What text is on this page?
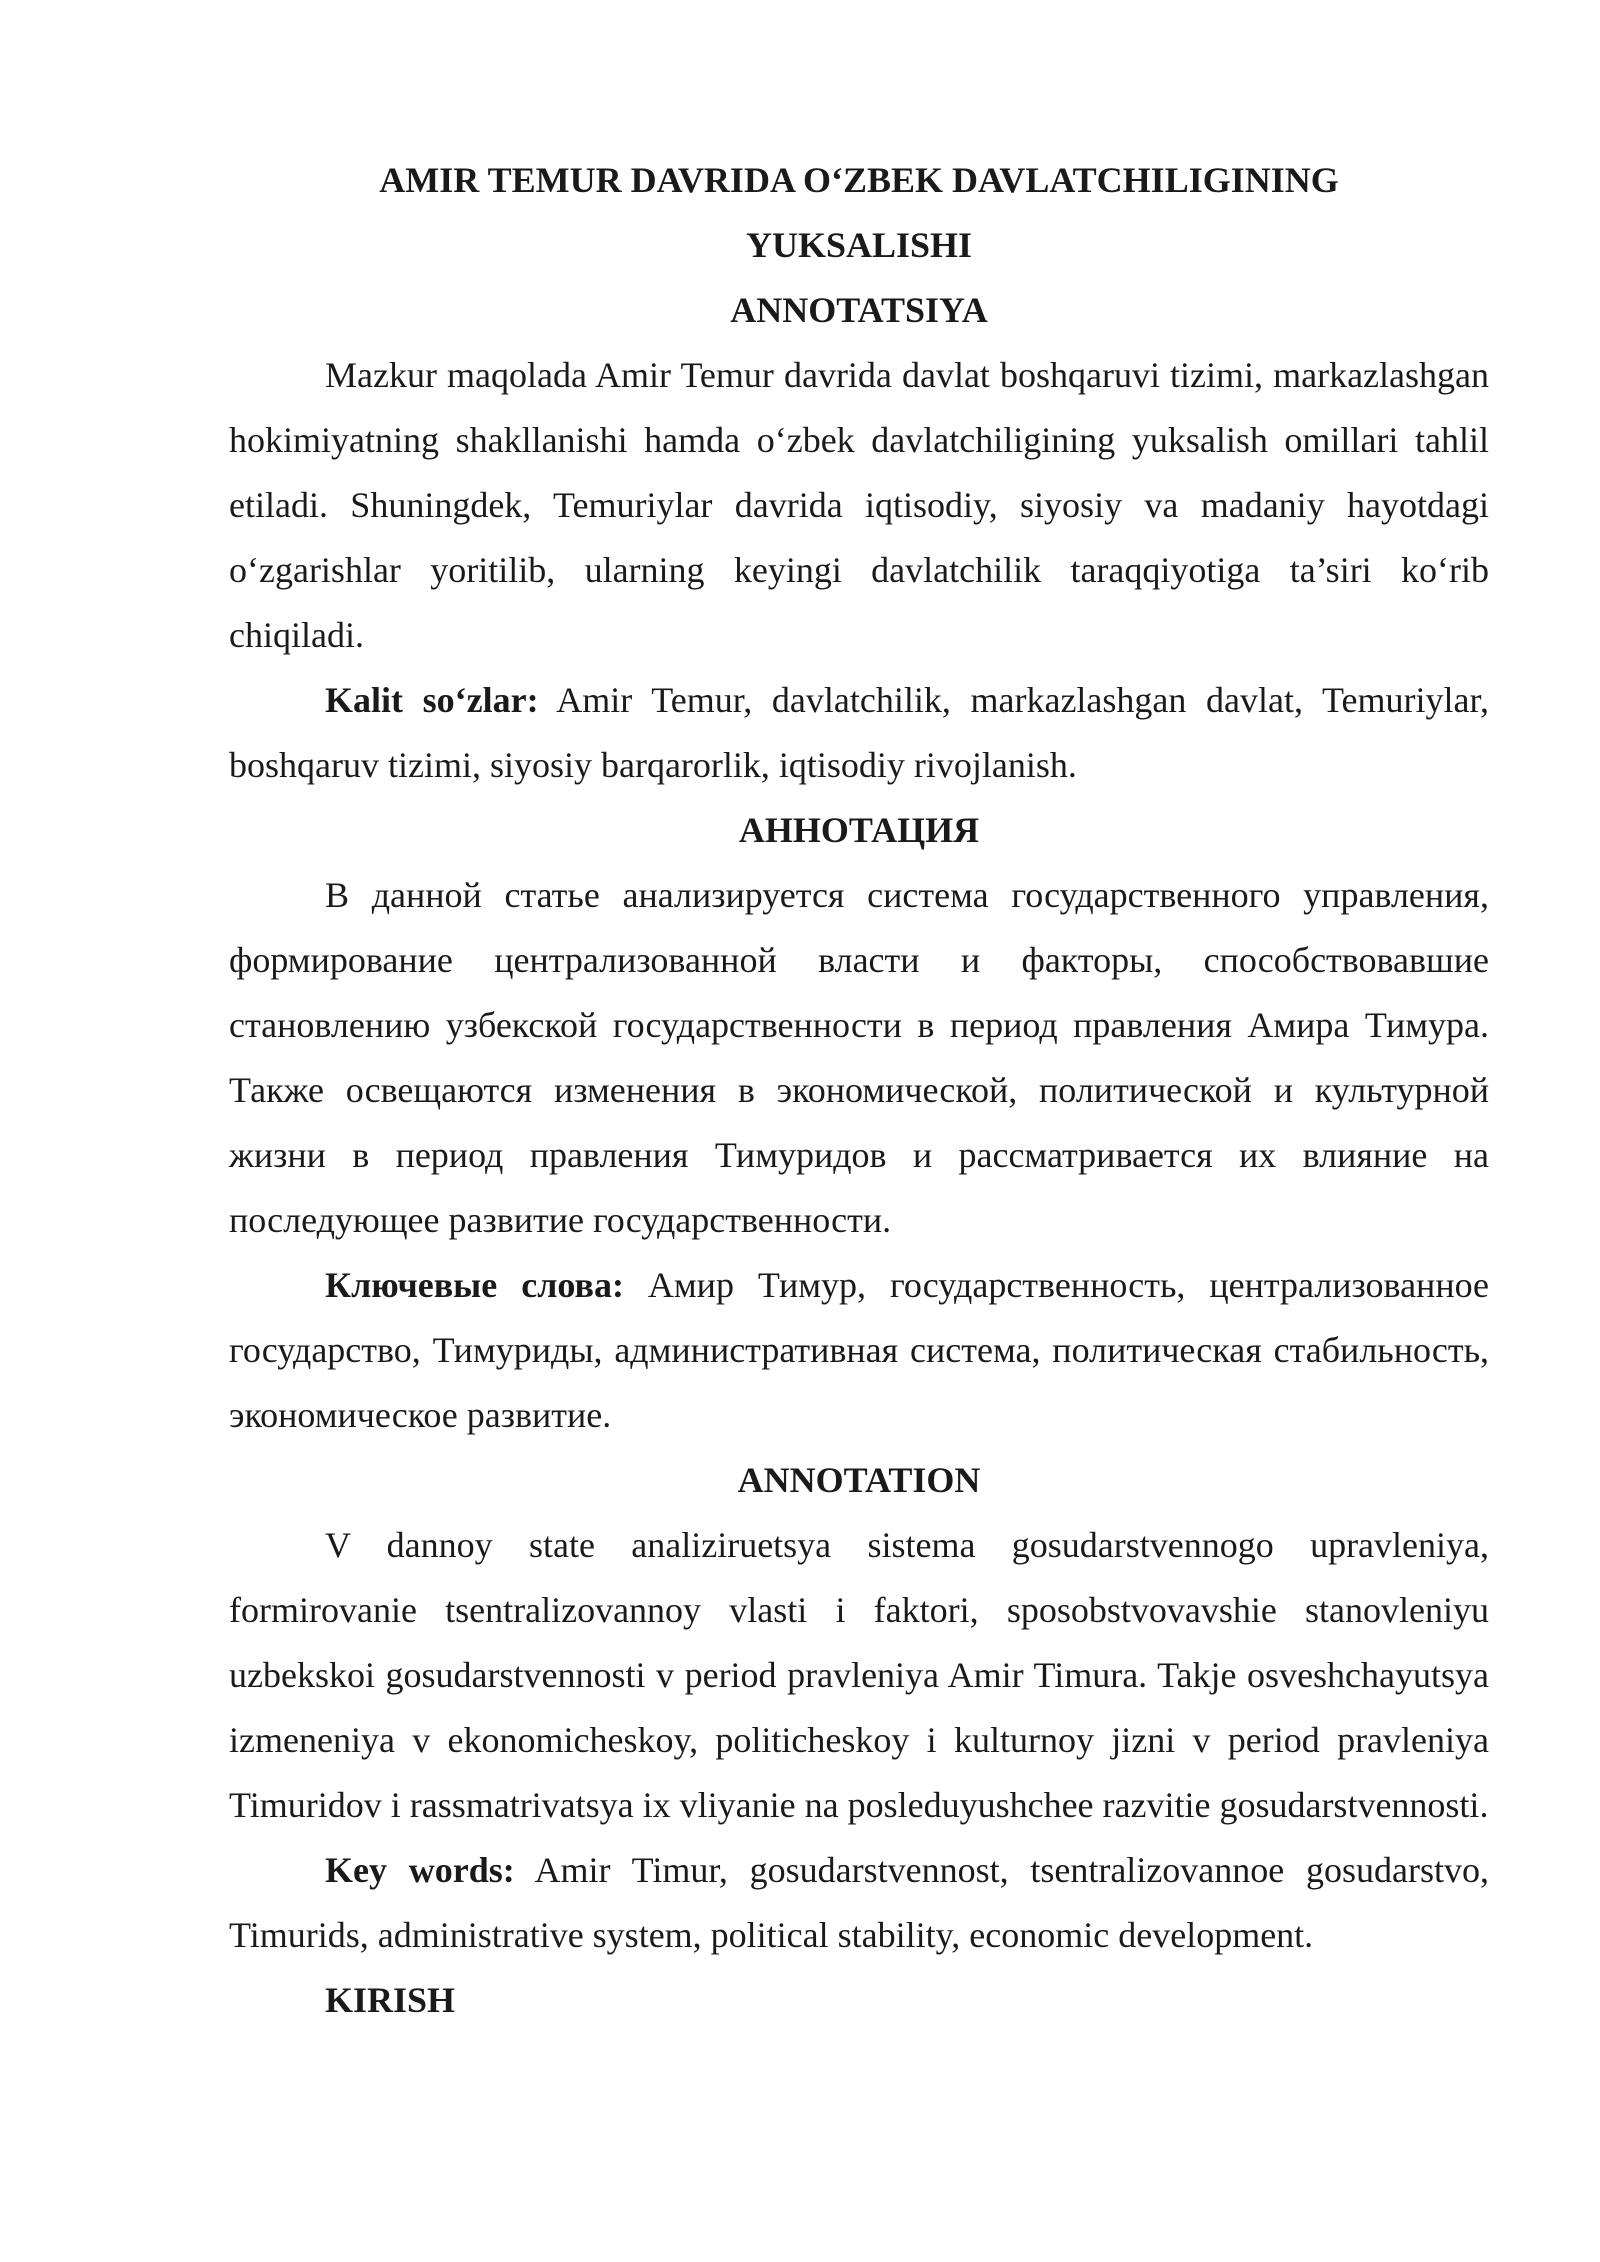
AMIR TEMUR DAVRIDA O‘ZBEK DAVLATCHILIGINING

YUKSALISHI

ANNOTATSIYA

Mazkur maqolada Amir Temur davrida davlat boshqaruvi tizimi, markazlashgan hokimiyatning shakllanishi hamda o‘zbek davlatchiligining yuksalish omillari tahlil etiladi. Shuningdek, Temuriylar davrida iqtisodiy, siyosiy va madaniy hayotdagi o‘zgarishlar yoritilib, ularning keyingi davlatchilik taraqqiyotiga ta’siri ko‘rib chiqiladi.

Kalit so‘zlar: Amir Temur, davlatchilik, markazlashgan davlat, Temuriylar, boshqaruv tizimi, siyosiy barqarorlik, iqtisodiy rivojlanish.

АННОТАЦИЯ

В данной статье анализируется система государственного управления, формирование централизованной власти и факторы, способствовавшие становлению узбекской государственности в период правления Амира Тимура. Также освещаются изменения в экономической, политической и культурной жизни в период правления Тимуридов и рассматривается их влияние на последующее развитие государственности.

Ключевые слова: Амир Тимур, государственность, централизованное государство, Тимуриды, административная система, политическая стабильность, экономическое развитие.

ANNOTATION

V dannoy state analiziruetsya sistema gosudarstvennogo upravleniya, formirovanie tsentralizovannoy vlasti i faktori, sposobstvovavshie stanovleniyu uzbekskoi gosudarstvennosti v period pravleniya Amir Timura. Takje osveshchayutsya izmeneniya v ekonomicheskoy, politicheskoy i kulturnoy jizni v period pravleniya Timuridov i rassmatrivatsya ix vliyanie na posleduyushchee razvitie gosudarstvennosti.

Key words: Amir Timur, gosudarstvennost, tsentralizovannoe gosudarstvo, Timurids, administrative system, political stability, economic development.

KIRISH
